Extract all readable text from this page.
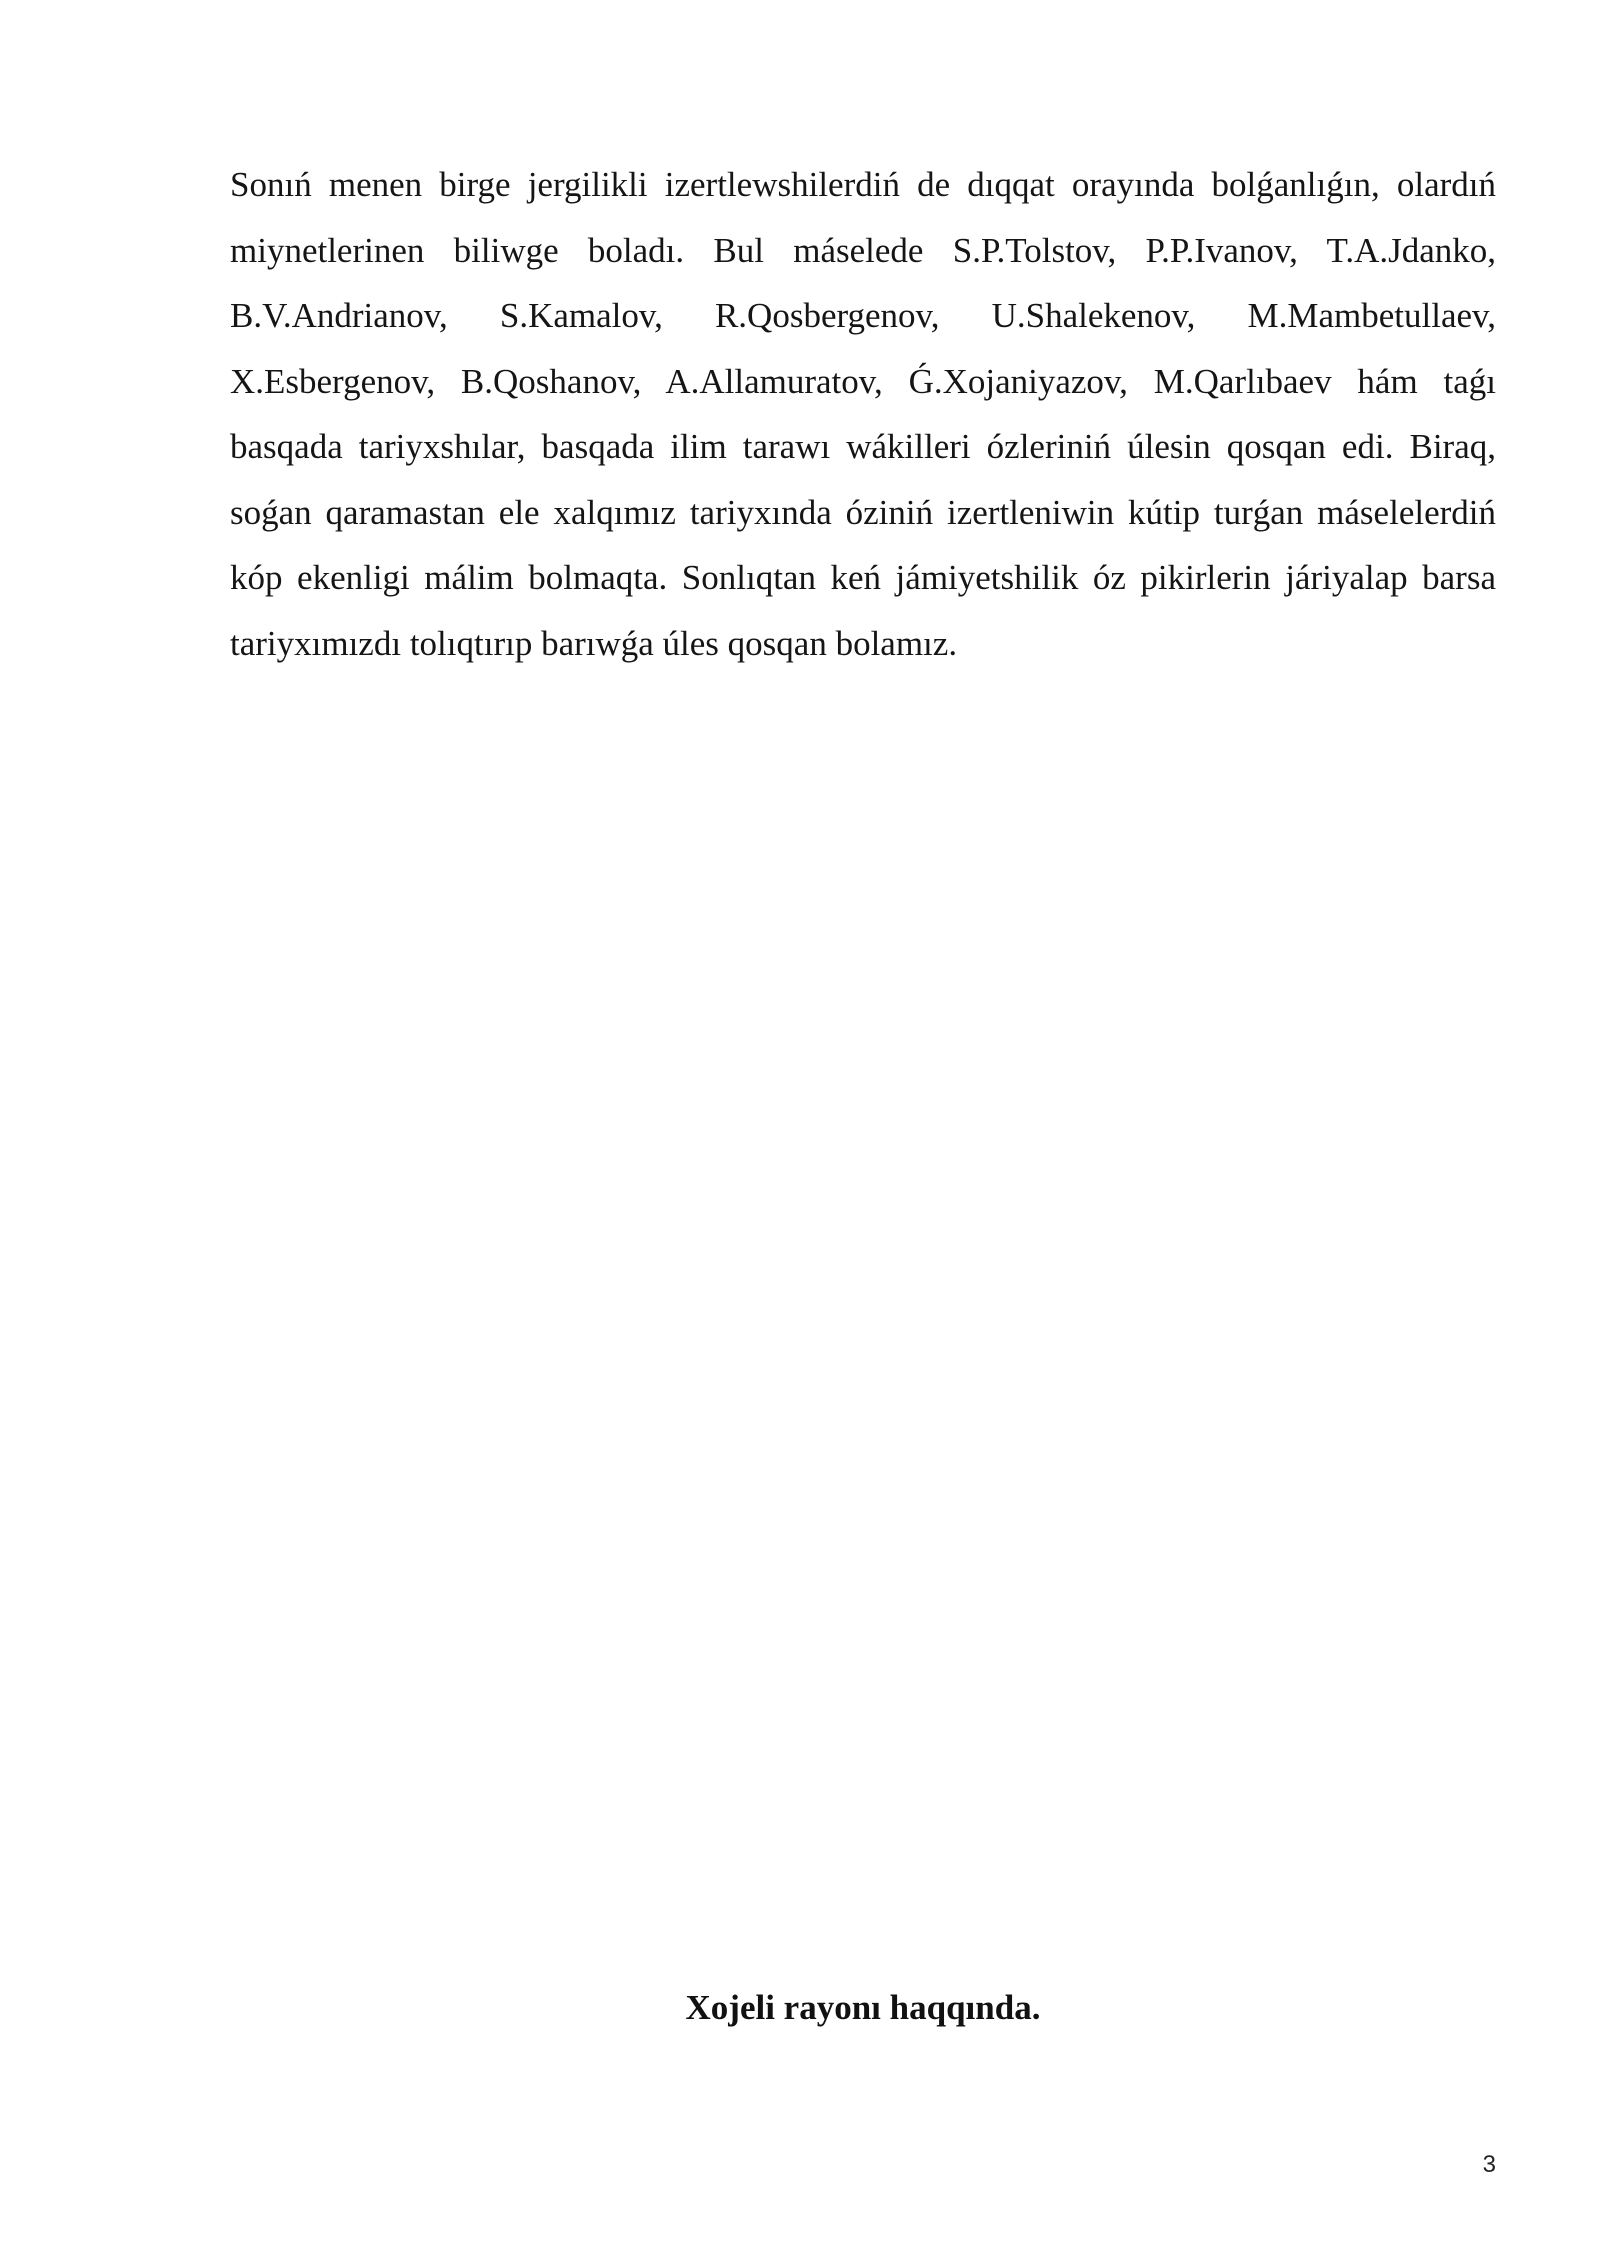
Sonıń menen birge jergilikli izertlewshilerdiń de dıqqat orayında bolǵanlıǵın, olardıń miynetlerinen biliwge boladı. Bul máselede S.P.Tolstov, P.P.Ivanov, T.A.Jdanko, B.V.Andrianov, S.Kamalov, R.Qosbergenov, U.Shalekenov, M.Mambetullaev, X.Esbergenov, B.Qoshanov, A.Allamuratov, Ǵ.Xojaniyazov, M.Qarlıbaev hám taǵı basqada tariyxshılar, basqada ilim tarawı wákilleri ózleriniń úlesin qosqan edi. Biraq, soǵan qaramastan ele xalqımız tariyxında óziniń izertleniwin kútip turǵan máselelerdiń kóp ekenligi málim bolmaqta. Sonlıqtan keń jámiyetshilik óz pikirlerin járiyalap barsa tariyxımızdı tolıqtırıp barıwǵa úles qosqan bolamız.

Xojeli rayonı haqqında.
3
